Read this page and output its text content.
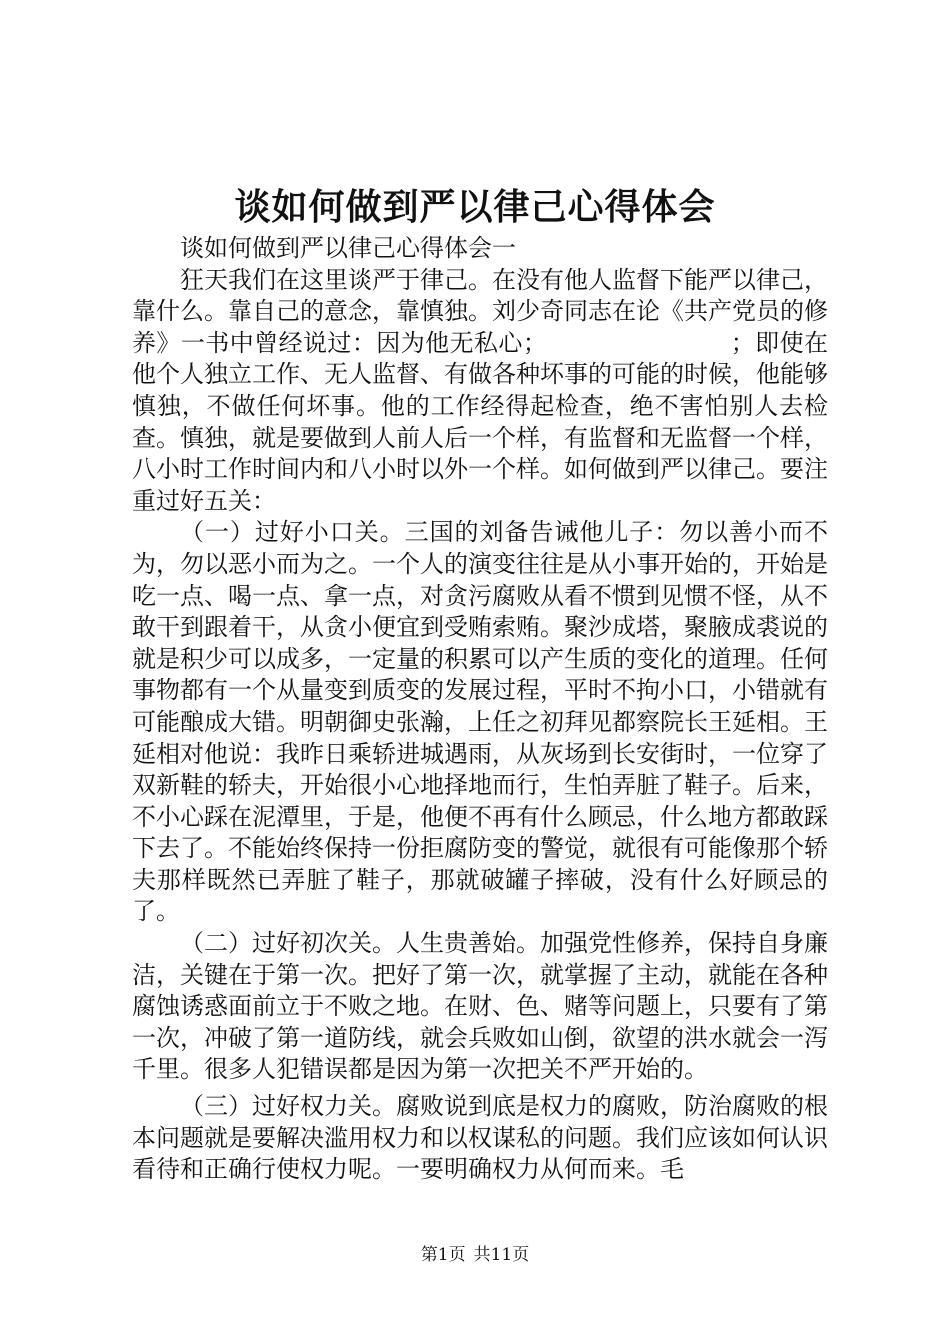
谈如何做到严以律己心得体会

谈如何做到严以律己心得体会一

狂天我们在这里谈严于律己。在没有他人监督下能严以律己，靠什么。靠自己的意念，靠慎独。刘少奇同志在论《共产党员的修养》一书中曾经说过：因为他无私心；　　　　　　　　；即使在他个人独立工作、无人监督、有做各种坏事的可能的时候，他能够慎独，不做任何坏事。他的工作经得起检查，绝不害怕别人去检查。慎独，就是要做到人前人后一个样，有监督和无监督一个样，八小时工作时间内和八小时以外一个样。如何做到严以律己。要注重过好五关：

（一）过好小口关。三国的刘备告诫他儿子：勿以善小而不为，勿以恶小而为之。一个人的演变往往是从小事开始的，开始是吃一点、喝一点、拿一点，对贪污腐败从看不惯到见惯不怪，从不敢干到跟着干，从贪小便宜到受贿索贿。聚沙成塔，聚腋成裘说的就是积少可以成多，一定量的积累可以产生质的变化的道理。任何事物都有一个从量变到质变的发展过程，平时不拘小口，小错就有可能酿成大错。明朝御史张瀚，上任之初拜见都察院长王延相。王延相对他说：我昨日乘轿进城遇雨，从灰场到长安街时，一位穿了双新鞋的轿夫，开始很小心地择地而行，生怕弄脏了鞋子。后来，不小心踩在泥潭里，于是，他便不再有什么顾忌，什么地方都敢踩下去了。不能始终保持一份拒腐防变的警觉，就很有可能像那个轿夫那样既然已弄脏了鞋子，那就破罐子摔破，没有什么好顾忌的了。

（二）过好初次关。人生贵善始。加强党性修养，保持自身廉洁，关键在于第一次。把好了第一次，就掌握了主动，就能在各种腐蚀诱惑面前立于不败之地。在财、色、赌等问题上，只要有了第一次，冲破了第一道防线，就会兵败如山倒，欲望的洪水就会一泻千里。很多人犯错误都是因为第一次把关不严开始的。

（三）过好权力关。腐败说到底是权力的腐败，防治腐败的根本问题就是要解决滥用权力和以权谋私的问题。我们应该如何认识看待和正确行使权力呢。一要明确权力从何而来。毛

第1页 共11页
